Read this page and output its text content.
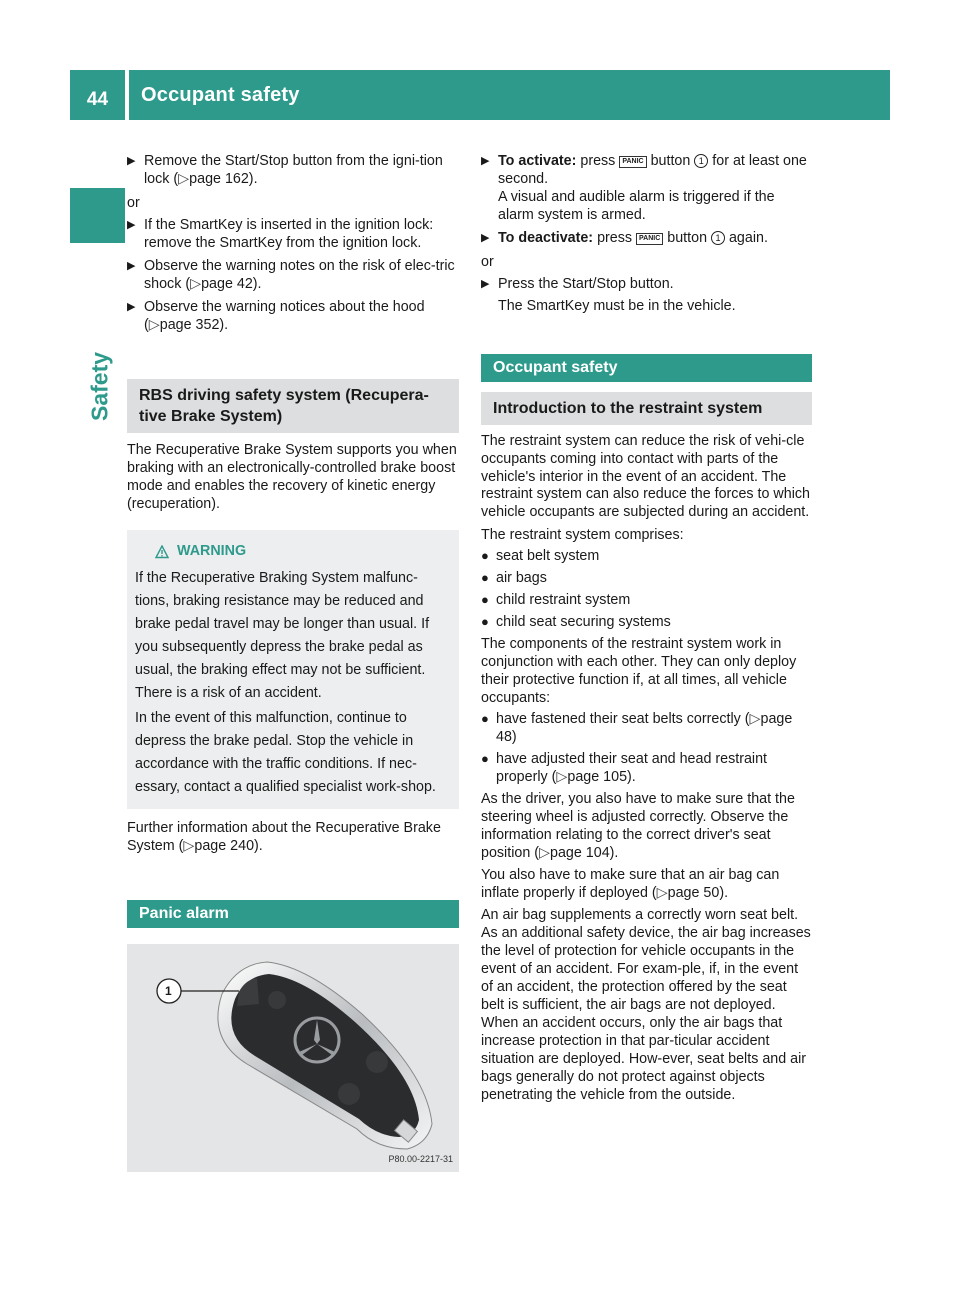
44	Occupant safety
Safety
▶ Remove the Start/Stop button from the igni-tion lock (▷page 162).
or
▶ If the SmartKey is inserted in the ignition lock: remove the SmartKey from the ignition lock.
▶ Observe the warning notes on the risk of elec-tric shock (▷page 42).
▶ Observe the warning notices about the hood (▷page 352).
RBS driving safety system (Recupera-tive Brake System)
The Recuperative Brake System supports you when braking with an electronically-controlled brake boost mode and enables the recovery of kinetic energy (recuperation).
WARNING
If the Recuperative Braking System malfunc-tions, braking resistance may be reduced and brake pedal travel may be longer than usual. If you subsequently depress the brake pedal as usual, the braking effect may not be sufficient. There is a risk of an accident.
In the event of this malfunction, continue to depress the brake pedal. Stop the vehicle in accordance with the traffic conditions. If nec-essary, contact a qualified specialist work-shop.
Further information about the Recuperative Brake System (▷page 240).
Panic alarm
1
P80.00-2217-31
▶ To activate: press PANIC button 1 for at least one second.
A visual and audible alarm is triggered if the alarm system is armed.
▶ To deactivate: press PANIC button 1 again.
or
▶ Press the Start/Stop button.
The SmartKey must be in the vehicle.
Occupant safety
Introduction to the restraint system
The restraint system can reduce the risk of vehi-cle occupants coming into contact with parts of the vehicle's interior in the event of an accident. The restraint system can also reduce the forces to which vehicle occupants are subjected during an accident.
The restraint system comprises:
● seat belt system
● air bags
● child restraint system
● child seat securing systems
The components of the restraint system work in conjunction with each other. They can only deploy their protective function if, at all times, all vehicle occupants:
● have fastened their seat belts correctly (▷page 48)
● have adjusted their seat and head restraint properly (▷page 105).
As the driver, you also have to make sure that the steering wheel is adjusted correctly. Observe the information relating to the correct driver's seat position (▷page 104).
You also have to make sure that an air bag can inflate properly if deployed (▷page 50).
An air bag supplements a correctly worn seat belt. As an additional safety device, the air bag increases the level of protection for vehicle occupants in the event of an accident. For exam-ple, if, in the event of an accident, the protection offered by the seat belt is sufficient, the air bags are not deployed. When an accident occurs, only the air bags that increase protection in that par-ticular accident situation are deployed. How-ever, seat belts and air bags generally do not protect against objects penetrating the vehicle from the outside.
